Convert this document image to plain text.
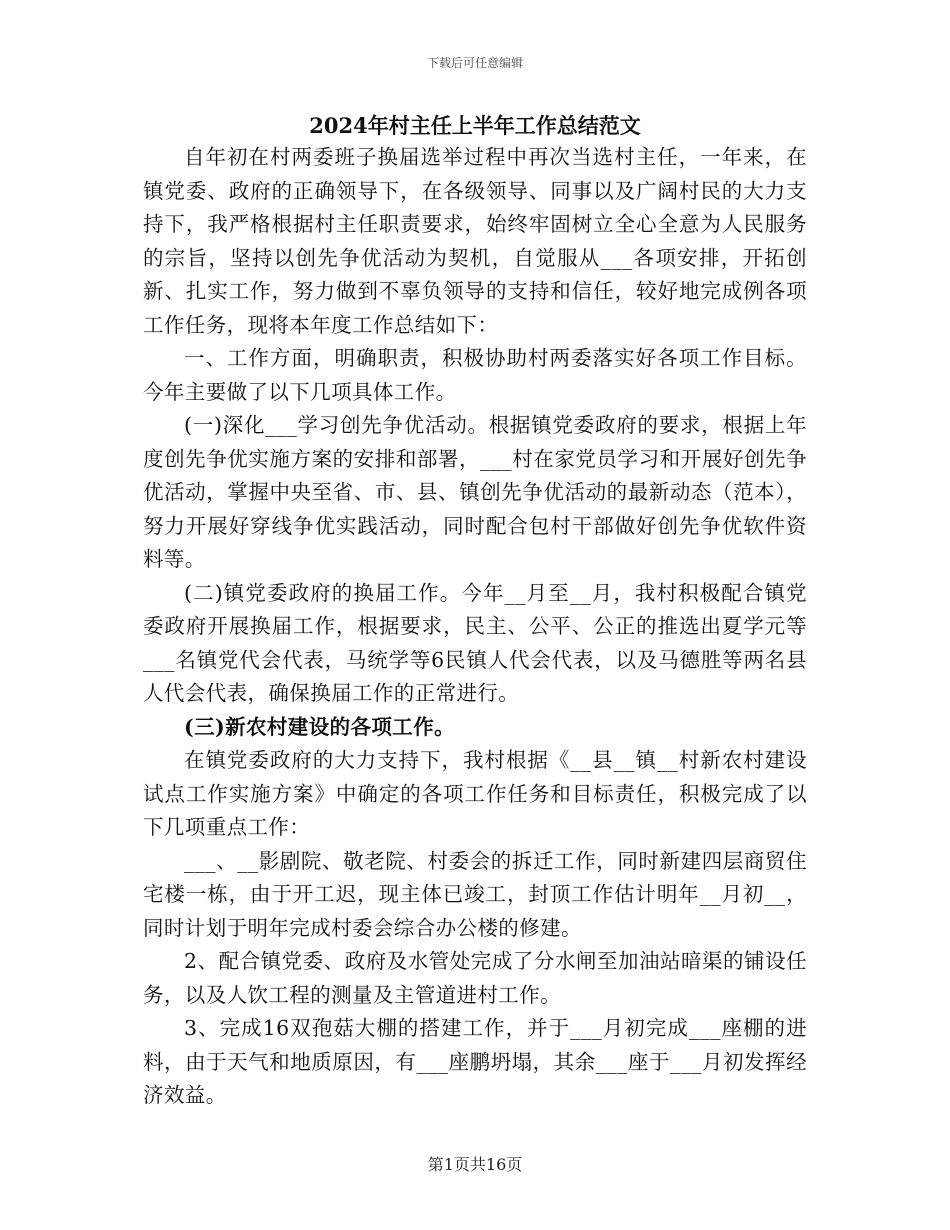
下载后可任意编辑
2024年村主任上半年工作总结范文

自年初在村两委班子换届选举过程中再次当选村主任，一年来，在镇党委、政府的正确领导下，在各级领导、同事以及广阔村民的大力支持下，我严格根据村主任职责要求，始终牢固树立全心全意为人民服务的宗旨，坚持以创先争优活动为契机，自觉服从___各项安排，开拓创新、扎实工作，努力做到不辜负领导的支持和信任，较好地完成例各项工作任务，现将本年度工作总结如下：

一、工作方面，明确职责，积极协助村两委落实好各项工作目标。今年主要做了以下几项具体工作。

(一)深化___学习创先争优活动。根据镇党委政府的要求，根据上年度创先争优实施方案的安排和部署，___村在家党员学习和开展好创先争优活动，掌握中央至省、市、县、镇创先争优活动的最新动态（范本），努力开展好穿线争优实践活动，同时配合包村干部做好创先争优软件资料等。

(二)镇党委政府的换届工作。今年__月至__月，我村积极配合镇党委政府开展换届工作，根据要求，民主、公平、公正的推选出夏学元等___名镇党代会代表，马统学等6民镇人代会代表，以及马德胜等两名县人代会代表，确保换届工作的正常进行。

(三)新农村建设的各项工作。

在镇党委政府的大力支持下，我村根据《__县__镇__村新农村建设试点工作实施方案》中确定的各项工作任务和目标责任，积极完成了以下几项重点工作：

___、__影剧院、敬老院、村委会的拆迁工作，同时新建四层商贸住宅楼一栋，由于开工迟，现主体已竣工，封顶工作估计明年__月初__，同时计划于明年完成村委会综合办公楼的修建。

2、配合镇党委、政府及水管处完成了分水闸至加油站暗渠的铺设任务，以及人饮工程的测量及主管道进村工作。

3、完成16双孢菇大棚的搭建工作，并于___月初完成___座棚的进料，由于天气和地质原因，有___座鹏坍塌，其余___座于___月初发挥经济效益。

第1页共16页
